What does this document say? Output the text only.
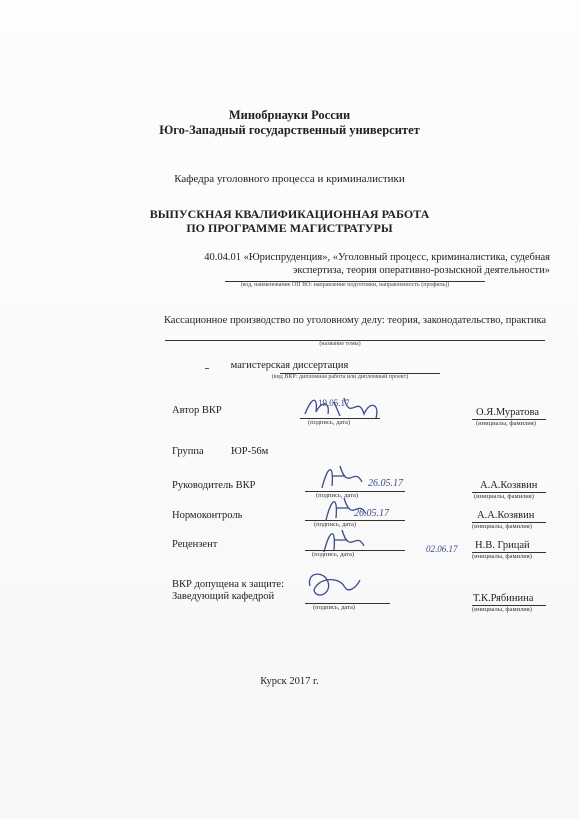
Минобрнауки России
Юго-Западный государственный университет
Кафедра уголовного процесса и криминалистики
ВЫПУСКНАЯ КВАЛИФИКАЦИОННАЯ РАБОТА
ПО ПРОГРАММЕ МАГИСТРАТУРЫ
40.04.01 «Юриспруденция», «Уголовный процесс, криминалистика, судебная экспертиза, теория оперативно-розыскной деятельности»
(код, наименование ОП ВО: направление подготовки, направленность (профиль))
Кассационное производство по уголовному делу: теория, законодательство, практика
(название темы)
магистерская диссертация
(вид ВКР: дипломная работа или дипломный проект)
Автор ВКР
19.05.17
(подпись, дата)
О.Я.Муратова
(инициалы, фамилия)
Группа	ЮР-56м
Руководитель ВКР	26.05.17
(подпись, дата)
А.А.Козявин
(инициалы, фамилия)
Нормоконтроль	26.05.17
(подпись, дата)
А.А.Козявин
(инициалы, фамилия)
Рецензент	02.06.17
(подпись, дата)
Н.В. Грицай
(инициалы, фамилия)
ВКР допущена к защите:
Заведующий кафедрой
(подпись, дата)
Т.К.Рябинина
(инициалы, фамилия)
Курск 2017 г.
